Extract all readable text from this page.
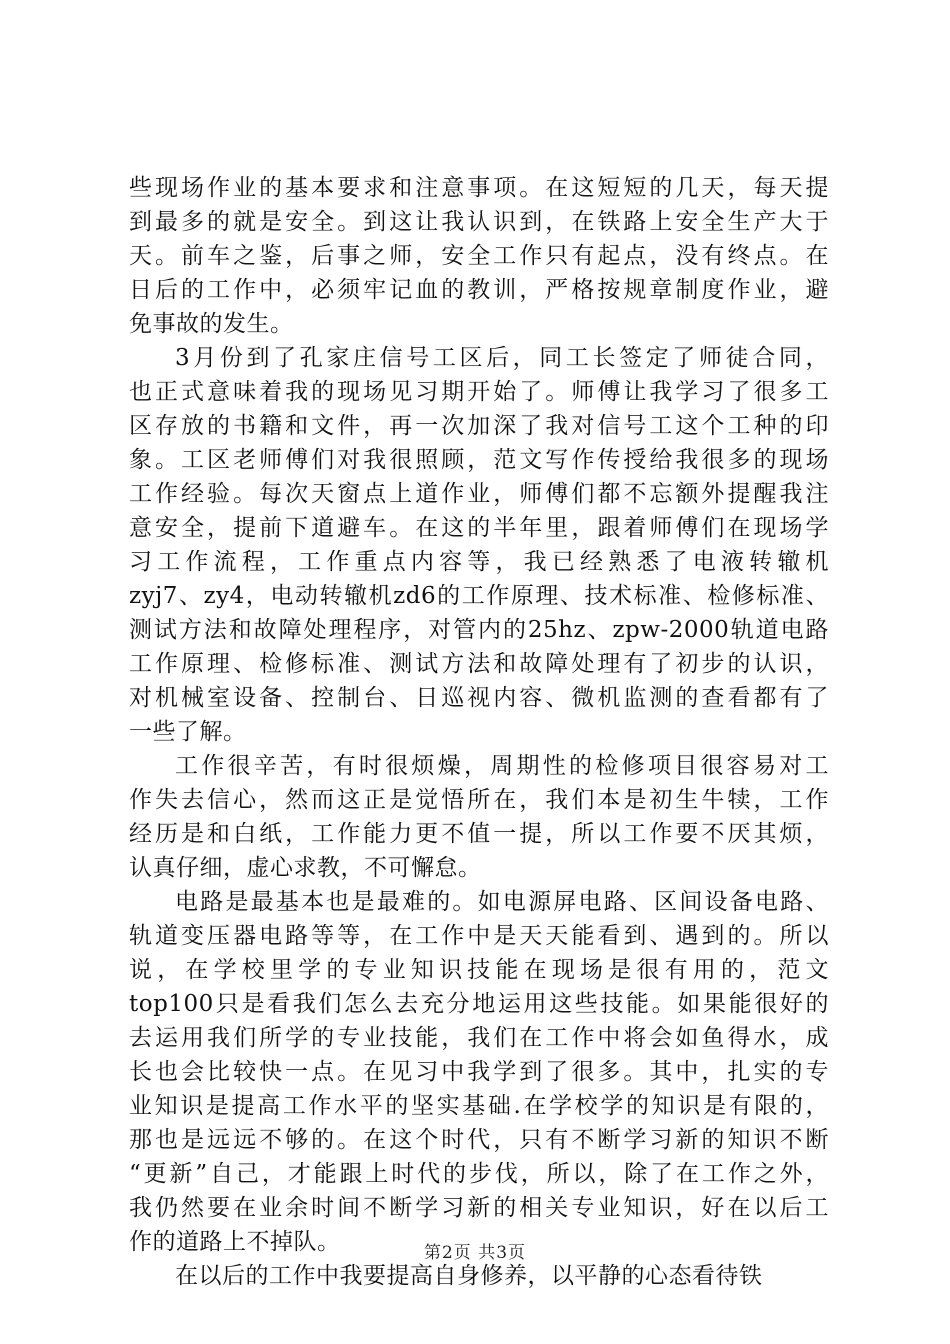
些现场作业的基本要求和注意事项。在这短短的几天，每天提
到最多的就是安全。到这让我认识到，在铁路上安全生产大于
天。前车之鉴，后事之师，安全工作只有起点，没有终点。在
日后的工作中，必须牢记血的教训，严格按规章制度作业，避
免事故的发生。
3月份到了孔家庄信号工区后，同工长签定了师徒合同，
也正式意味着我的现场见习期开始了。师傅让我学习了很多工
区存放的书籍和文件，再一次加深了我对信号工这个工种的印
象。工区老师傅们对我很照顾，范文写作传授给我很多的现场
工作经验。每次天窗点上道作业，师傅们都不忘额外提醒我注
意安全，提前下道避车。在这的半年里，跟着师傅们在现场学
习工作流程，工作重点内容等，我已经熟悉了电液转辙机
zyj7、zy4，电动转辙机zd6的工作原理、技术标准、检修标准、
测试方法和故障处理程序，对管内的25hz、zpw-2000轨道电路
工作原理、检修标准、测试方法和故障处理有了初步的认识，
对机械室设备、控制台、日巡视内容、微机监测的查看都有了
一些了解。
工作很辛苦，有时很烦燥，周期性的检修项目很容易对工
作失去信心，然而这正是觉悟所在，我们本是初生牛犊，工作
经历是和白纸，工作能力更不值一提，所以工作要不厌其烦，
认真仔细，虚心求教，不可懈怠。
电路是最基本也是最难的。如电源屏电路、区间设备电路、
轨道变压器电路等等，在工作中是天天能看到、遇到的。所以
说，在学校里学的专业知识技能在现场是很有用的，范文
top100只是看我们怎么去充分地运用这些技能。如果能很好的
去运用我们所学的专业技能，我们在工作中将会如鱼得水，成
长也会比较快一点。在见习中我学到了很多。其中，扎实的专
业知识是提高工作水平的坚实基础.在学校学的知识是有限的，
那也是远远不够的。在这个时代，只有不断学习新的知识不断
“更新”自己，才能跟上时代的步伐，所以，除了在工作之外，
我仍然要在业余时间不断学习新的相关专业知识，好在以后工
作的道路上不掉队。
在以后的工作中我要提高自身修养，以平静的心态看待铁
第2页 共3页
